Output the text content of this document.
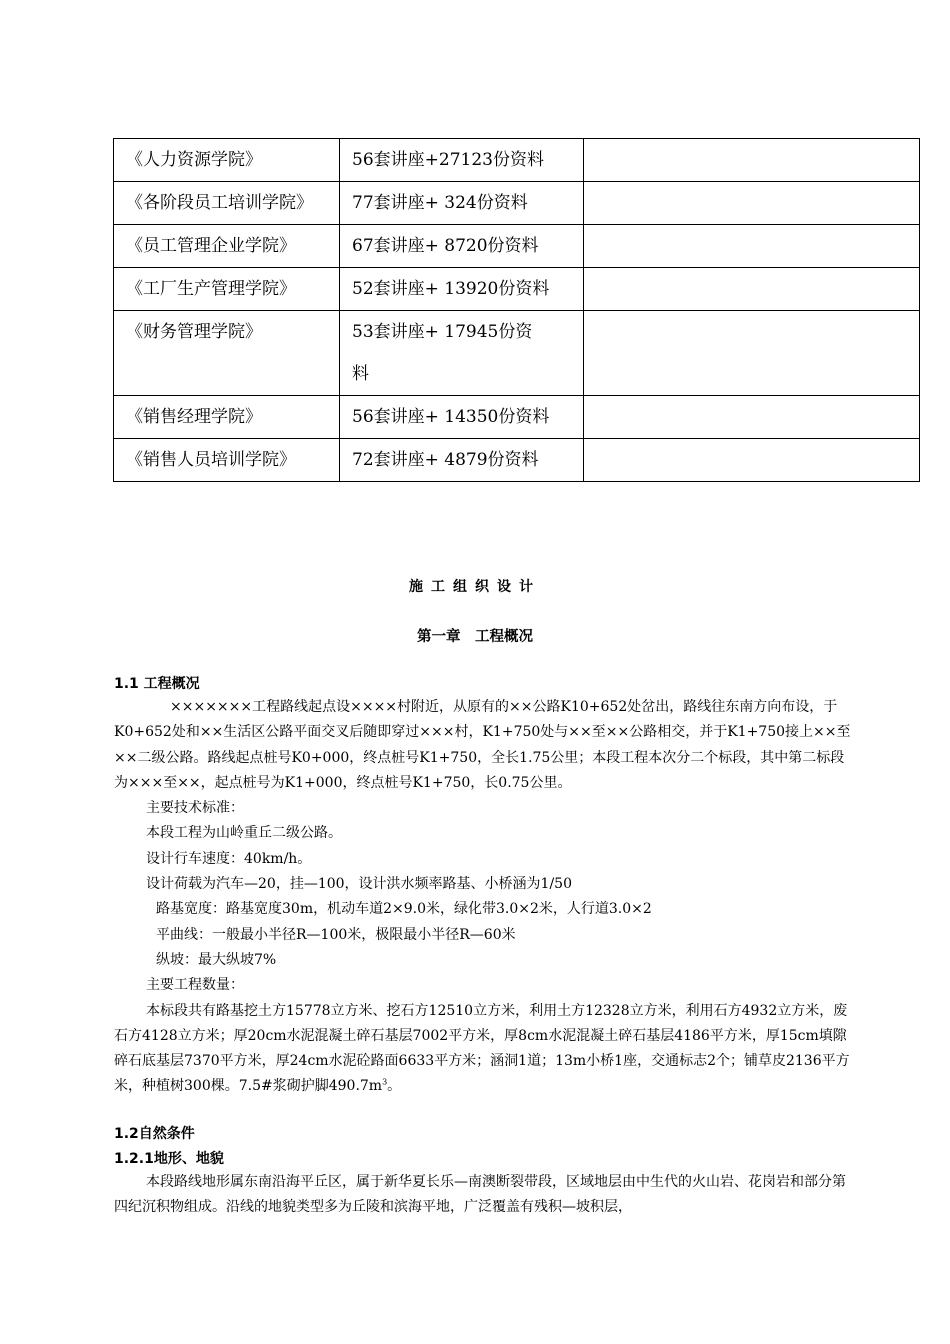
《人力资源学院》	56套讲座+27123份资料	

《各阶段员工培训学院》	77套讲座+ 324份资料	

《员工管理企业学院》	67套讲座+ 8720份资料	

《工厂生产管理学院》	52套讲座+ 13920份资料	

《财务管理学院》	53套讲座+ 17945份资料	

《销售经理学院》	56套讲座+ 14350份资料	

《销售人员培训学院》	72套讲座+ 4879份资料	

施工组织设计
第一章　工程概况
1.1 工程概况

×××××××工程路线起点设××××村附近，从原有的××公路K10+652处岔出，路线往东南方向布设，于K0+652处和××生活区公路平面交叉后随即穿过×××村，K1+750处与××至××公路相交，并于K1+750接上××至××二级公路。路线起点桩号K0+000，终点桩号K1+750，全长1.75公里；本段工程本次分二个标段，其中第二标段为×××至××，起点桩号为K1+000，终点桩号K1+750，长0.75公里。

主要技术标准：

本段工程为山岭重丘二级公路。

设计行车速度：40km/h。

设计荷载为汽车—20，挂—100，设计洪水频率路基、小桥涵为1/50

路基宽度：路基宽度30m，机动车道2×9.0米，绿化带3.0×2米，人行道3.0×2

平曲线：一般最小半径R—100米，极限最小半径R—60米

纵坡：最大纵坡7%

主要工程数量：

本标段共有路基挖土方15778立方米、挖石方12510立方米，利用土方12328立方米，利用石方4932立方米，废石方4128立方米；厚20cm水泥混凝土碎石基层7002平方米，厚8cm水泥混凝土碎石基层4186平方米，厚15cm填隙碎石底基层7370平方米，厚24cm水泥砼路面6633平方米；涵洞1道；13m小桥1座，交通标志2个；铺草皮2136平方米，种植树300棵。7.5#浆砌护脚$490.7m^3$。

1.2自然条件
1.2.1地形、地貌

本段路线地形属东南沿海平丘区，属于新华夏长乐—南澳断裂带段，区域地层由中生代的火山岩、花岗岩和部分第四纪沉积物组成。沿线的地貌类型多为丘陵和滨海平地，广泛覆盖有残积—坡积层，
